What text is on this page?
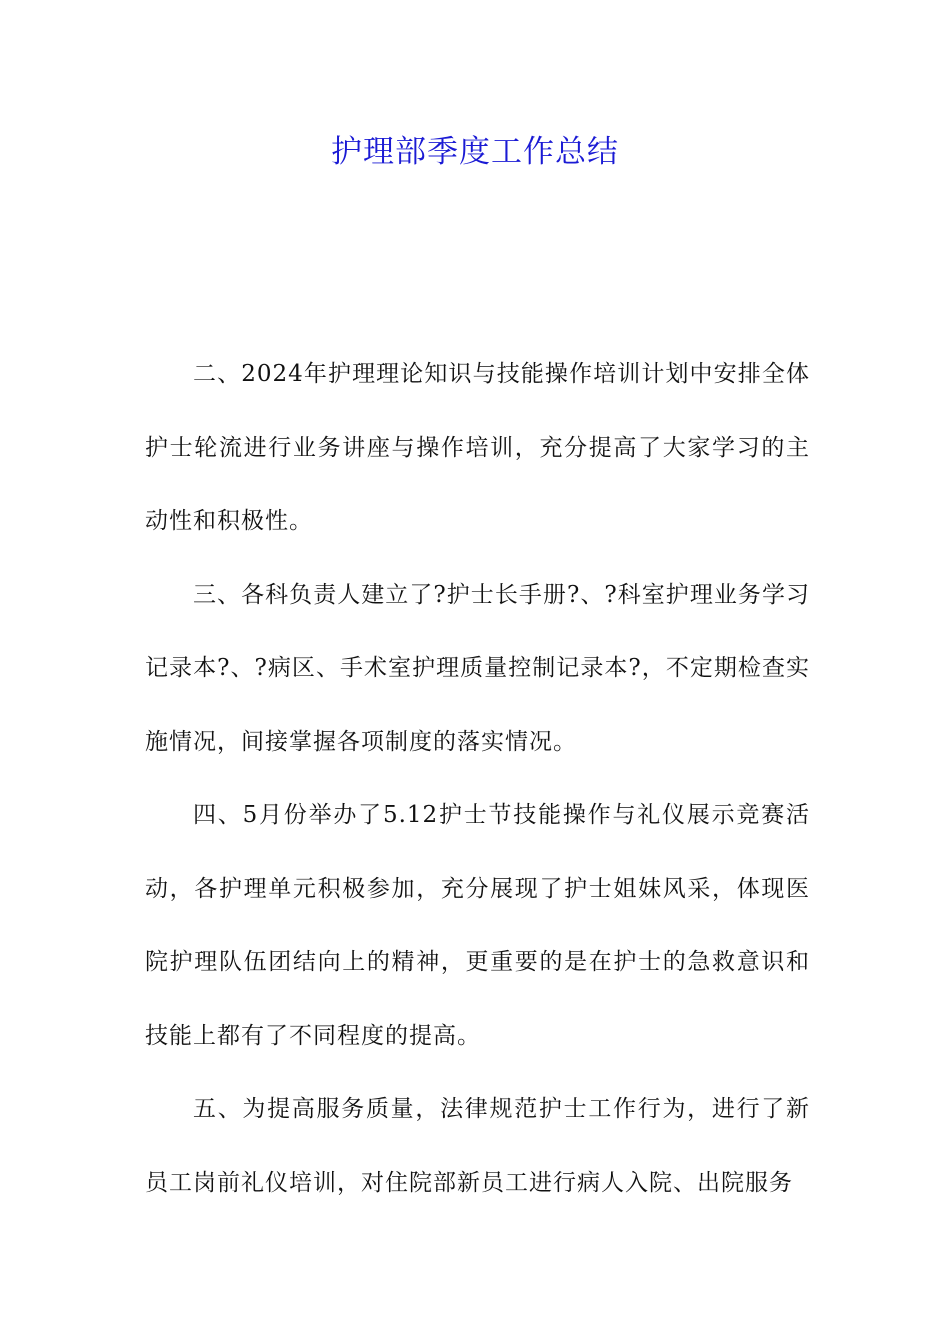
护理部季度工作总结

二、2024年护理理论知识与技能操作培训计划中安排全体护士轮流进行业务讲座与操作培训，充分提高了大家学习的主动性和积极性。

三、各科负责人建立了?护士长手册?、?科室护理业务学习记录本?、?病区、手术室护理质量控制记录本?，不定期检查实施情况，间接掌握各项制度的落实情况。

四、5月份举办了5.12护士节技能操作与礼仪展示竞赛活动，各护理单元积极参加，充分展现了护士姐妹风采，体现医院护理队伍团结向上的精神，更重要的是在护士的急救意识和技能上都有了不同程度的提高。

五、为提高服务质量，法律规范护士工作行为，进行了新员工岗前礼仪培训，对住院部新员工进行病人入院、出院服务
